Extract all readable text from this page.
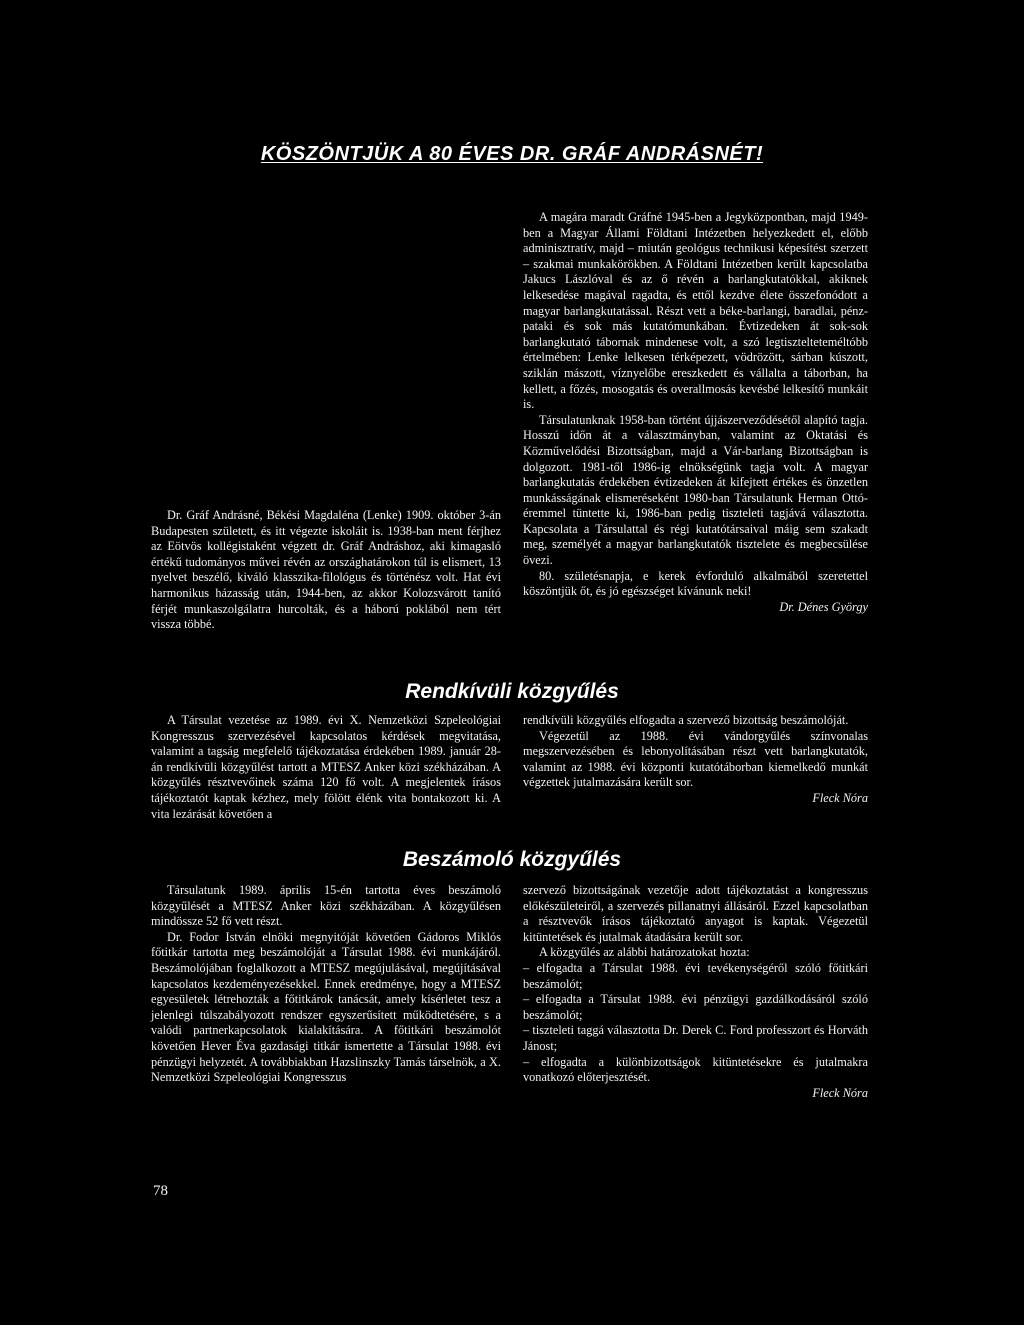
KÖSZÖNTJÜK A 80 ÉVES DR. GRÁF ANDRÁSNÉT!

A magára maradt Gráfné 1945-ben a Jegyközpontban, majd 1949-ben a Magyar Állami Földtani Intézetben helyezkedett el, előbb adminisztratív, majd – miután geológus technikusi képesítést szerzett – szakmai munkakörökben. A Földtani Intézetben került kapcsolatba Jakucs Lászlóval és az ő révén a barlangkutatókkal, akiknek lelkesedése magával ragadta, és ettől kezdve élete összefonódott a magyar barlangkutatással. Részt vett a béke-barlangi, baradlai, pénz-pataki és sok más kutatómunkában. Évtizedeken át sok-sok barlangkutató tábornak mindenese volt, a szó legtisztelteteméltóbb értelmében: Lenke lelkesen térképezett, vödrözött, sárban kúszott, sziklán mászott, víznyelőbe ereszkedett és vállalta a táborban, ha kellett, a főzés, mosogatás és overallmosás kevésbé lelkesítő munkáit is.

Társulatunknak 1958-ban történt újjászerveződésétől alapító tagja. Hosszú időn át a választmányban, valamint az Oktatási és Közművelődési Bizottságban, majd a Vár-barlang Bizottságban is dolgozott. 1981-től 1986-ig elnökségünk tagja volt. A magyar barlangkutatás érdekében évtizedeken át kifejtett értékes és önzetlen munkásságának elismeréseként 1980-ban Társulatunk Herman Ottó-éremmel tüntette ki, 1986-ban pedig tiszteleti tagjává választotta. Kapcsolata a Társulattal és régi kutatótársaival máig sem szakadt meg, személyét a magyar barlangkutatók tisztelete és megbecsülése övezi.

80. születésnapja, e kerek évforduló alkalmából szeretettel köszöntjük őt, és jó egészséget kívánunk neki!

Dr. Dénes György

Dr. Gráf Andrásné, Békési Magdaléna (Lenke) 1909. október 3-án Budapesten született, és itt végezte iskoláit is. 1938-ban ment férjhez az Eötvös kollégistaként végzett dr. Gráf Andráshoz, aki kimagasló értékű tudományos művei révén az országhatárokon túl is elismert, 13 nyelvet beszélő, kiváló klasszika-filológus és történész volt. Hat évi harmonikus házasság után, 1944-ben, az akkor Kolozsvárott tanító férjét munkaszolgálatra hurcolták, és a háború poklából nem tért vissza többé.

Rendkívüli közgyűlés

A Társulat vezetése az 1989. évi X. Nemzetközi Szpeleológiai Kongresszus szervezésével kapcsolatos kérdések megvitatása, valamint a tagság megfelelő tájékoztatása érdekében 1989. január 28-án rendkívüli közgyűlést tartott a MTESZ Anker közi székházában. A közgyűlés résztvevőinek száma 120 fő volt. A megjelentek írásos tájékoztatót kaptak kézhez, mely fölött élénk vita bontakozott ki. A vita lezárását követően a

rendkívüli közgyűlés elfogadta a szervező bizottság beszámolóját.

Végezetül az 1988. évi vándorgyűlés színvonalas megszervezésében és lebonyolításában részt vett barlangkutatók, valamint az 1988. évi központi kutatótáborban kiemelkedő munkát végzettek jutalmazására került sor.

Fleck Nóra

Beszámoló közgyűlés

Társulatunk 1989. április 15-én tartotta éves beszámoló közgyűlését a MTESZ Anker közi székházában. A közgyűlésen mindössze 52 fő vett részt.

Dr. Fodor István elnöki megnyitóját követően Gádoros Miklós főtitkár tartotta meg beszámolóját a Társulat 1988. évi munkájáról. Beszámolójában foglalkozott a MTESZ megújulásával, megújításával kapcsolatos kezdeményezésekkel. Ennek eredménye, hogy a MTESZ egyesületek létrehozták a főtitkárok tanácsát, amely kísérletet tesz a jelenlegi túlszabályozott rendszer egyszerűsített működtetésére, s a valódi partnerkapcsolatok kialakítására. A főtitkári beszámolót követően Hever Éva gazdasági titkár ismertette a Társulat 1988. évi pénzügyi helyzetét. A továbbiakban Hazslinszky Tamás társelnök, a X. Nemzetközi Szpeleológiai Kongresszus

szervező bizottságának vezetője adott tájékoztatást a kongresszus előkészületeiről, a szervezés pillanatnyi állásáról. Ezzel kapcsolatban a résztvevők írásos tájékoztató anyagot is kaptak. Végezetül kitüntetések és jutalmak átadására került sor.

A közgyűlés az alábbi határozatokat hozta:

– elfogadta a Társulat 1988. évi tevékenységéről szóló főtitkári beszámolót;

– elfogadta a Társulat 1988. évi pénzügyi gazdálkodásáról szóló beszámolót;

– tiszteleti taggá választotta Dr. Derek C. Ford professzort és Horváth Jánost;

– elfogadta a különbizottságok kitüntetésekre és jutalmakra vonatkozó előterjesztését.

Fleck Nóra

78
